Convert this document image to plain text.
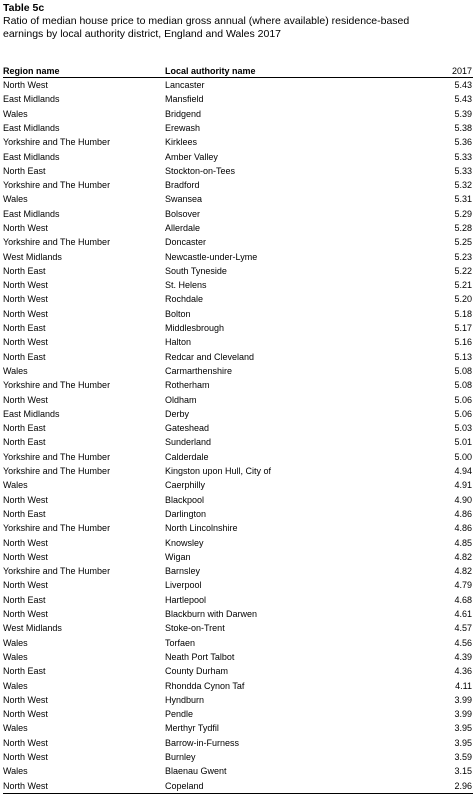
Table 5c
Ratio of median house price to median gross annual (where available) residence-based
earnings by local authority district, England and Wales 2017
Region name	Local authority name	2017
North West	Lancaster	5.43
East Midlands	Mansfield	5.43
Wales	Bridgend	5.39
East Midlands	Erewash	5.38
Yorkshire and The Humber	Kirklees	5.36
East Midlands	Amber Valley	5.33
North East	Stockton-on-Tees	5.33
Yorkshire and The Humber	Bradford	5.32
Wales	Swansea	5.31
East Midlands	Bolsover	5.29
North West	Allerdale	5.28
Yorkshire and The Humber	Doncaster	5.25
West Midlands	Newcastle-under-Lyme	5.23
North East	South Tyneside	5.22
North West	St. Helens	5.21
North West	Rochdale	5.20
North West	Bolton	5.18
North East	Middlesbrough	5.17
North West	Halton	5.16
North East	Redcar and Cleveland	5.13
Wales	Carmarthenshire	5.08
Yorkshire and The Humber	Rotherham	5.08
North West	Oldham	5.06
East Midlands	Derby	5.06
North East	Gateshead	5.03
North East	Sunderland	5.01
Yorkshire and The Humber	Calderdale	5.00
Yorkshire and The Humber	Kingston upon Hull, City of	4.94
Wales	Caerphilly	4.91
North West	Blackpool	4.90
North East	Darlington	4.86
Yorkshire and The Humber	North Lincolnshire	4.86
North West	Knowsley	4.85
North West	Wigan	4.82
Yorkshire and The Humber	Barnsley	4.82
North West	Liverpool	4.79
North East	Hartlepool	4.68
North West	Blackburn with Darwen	4.61
West Midlands	Stoke-on-Trent	4.57
Wales	Torfaen	4.56
Wales	Neath Port Talbot	4.39
North East	County Durham	4.36
Wales	Rhondda Cynon Taf	4.11
North West	Hyndburn	3.99
North West	Pendle	3.99
Wales	Merthyr Tydfil	3.95
North West	Barrow-in-Furness	3.95
North West	Burnley	3.59
Wales	Blaenau Gwent	3.15
North West	Copeland	2.96
